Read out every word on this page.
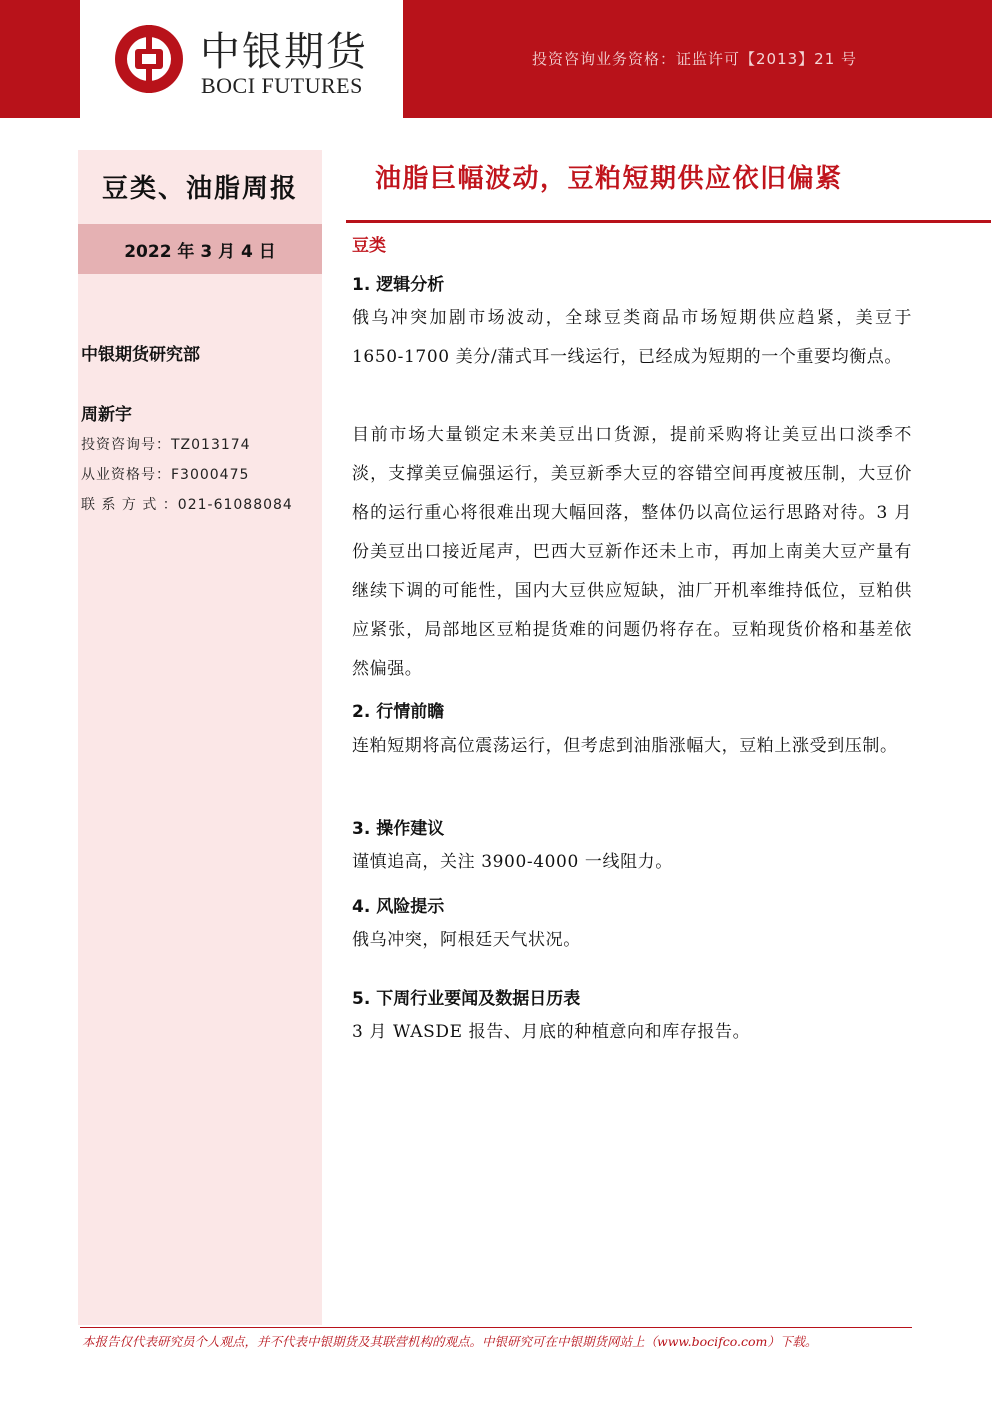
中银期货
BOCI FUTURES
投资咨询业务资格：证监许可【2013】21 号
豆类、油脂周报
2022 年 3 月 4 日
中银期货研究部
周新宇
投资咨询号：TZ013174
从业资格号：F3000475
联 系 方 式 ：021-61088084
油脂巨幅波动，豆粕短期供应依旧偏紧
豆类
1. 逻辑分析
俄乌冲突加剧市场波动，全球豆类商品市场短期供应趋紧，美豆于 1650-1700 美分/蒲式耳一线运行，已经成为短期的一个重要均衡点。
目前市场大量锁定未来美豆出口货源，提前采购将让美豆出口淡季不淡，支撑美豆偏强运行，美豆新季大豆的容错空间再度被压制，大豆价格的运行重心将很难出现大幅回落，整体仍以高位运行思路对待。3 月份美豆出口接近尾声，巴西大豆新作还未上市，再加上南美大豆产量有继续下调的可能性，国内大豆供应短缺，油厂开机率维持低位，豆粕供应紧张，局部地区豆粕提货难的问题仍将存在。豆粕现货价格和基差依然偏强。
2. 行情前瞻
连粕短期将高位震荡运行，但考虑到油脂涨幅大，豆粕上涨受到压制。
3. 操作建议
谨慎追高，关注 3900-4000 一线阻力。
4. 风险提示
俄乌冲突，阿根廷天气状况。
5. 下周行业要闻及数据日历表
3 月 WASDE 报告、月底的种植意向和库存报告。
本报告仅代表研究员个人观点，并不代表中银期货及其联营机构的观点。中银研究可在中银期货网站上（www.bocifco.com）下载。
